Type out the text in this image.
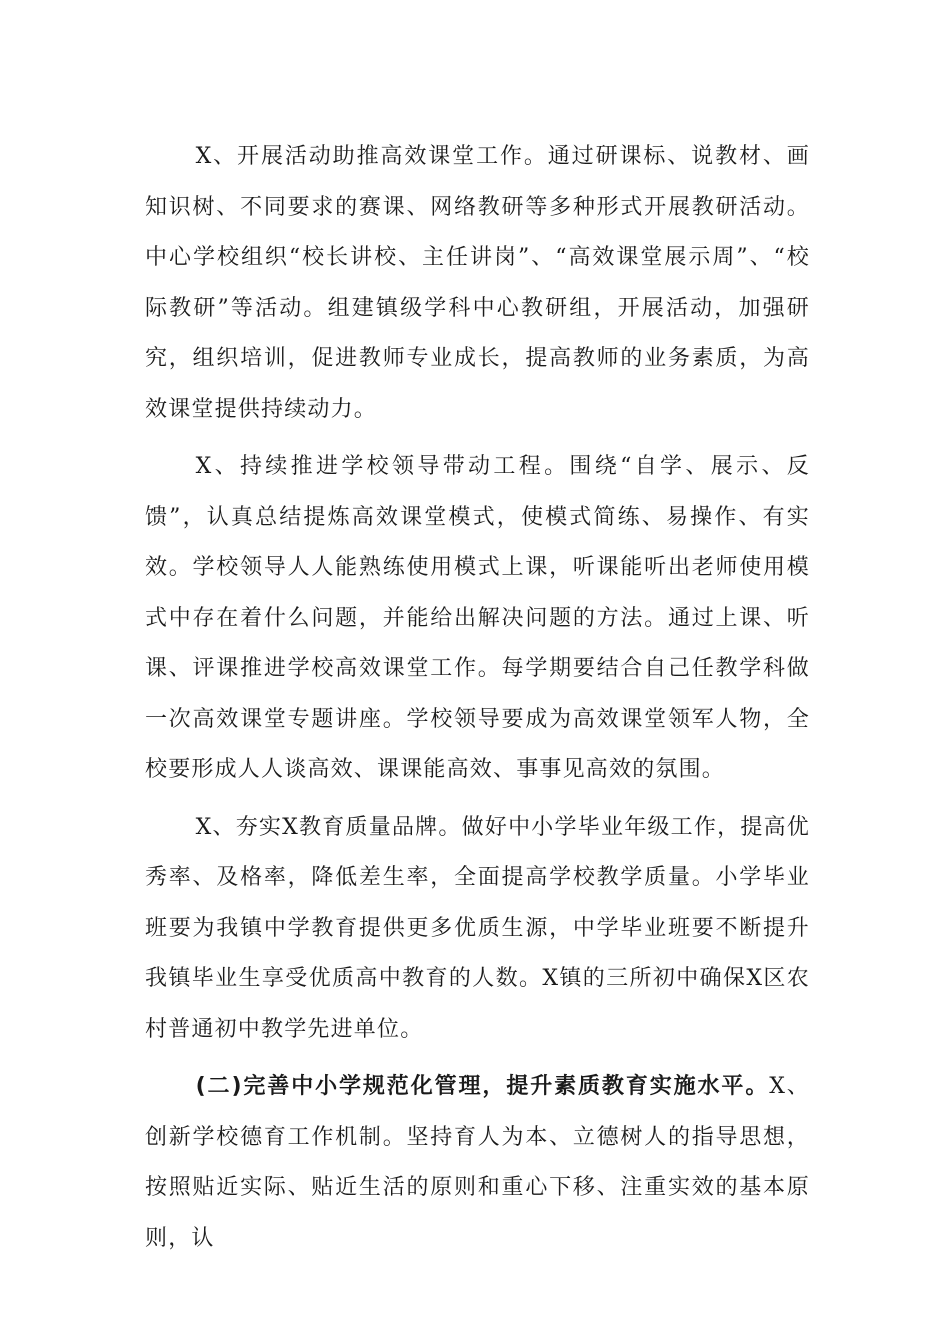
X、开展活动助推高效课堂工作。通过研课标、说教材、画知识树、不同要求的赛课、网络教研等多种形式开展教研活动。中心学校组织“校长讲校、主任讲岗”、“高效课堂展示周”、“校际教研”等活动。组建镇级学科中心教研组，开展活动，加强研究，组织培训，促进教师专业成长，提高教师的业务素质，为高效课堂提供持续动力。

X、持续推进学校领导带动工程。围绕“自学、展示、反馈”，认真总结提炼高效课堂模式，使模式简练、易操作、有实效。学校领导人人能熟练使用模式上课，听课能听出老师使用模式中存在着什么问题，并能给出解决问题的方法。通过上课、听课、评课推进学校高效课堂工作。每学期要结合自己任教学科做一次高效课堂专题讲座。学校领导要成为高效课堂领军人物，全校要形成人人谈高效、课课能高效、事事见高效的氛围。

X、夯实X教育质量品牌。做好中小学毕业年级工作，提高优秀率、及格率，降低差生率，全面提高学校教学质量。小学毕业班要为我镇中学教育提供更多优质生源，中学毕业班要不断提升我镇毕业生享受优质高中教育的人数。X镇的三所初中确保X区农村普通初中教学先进单位。

(二)完善中小学规范化管理，提升素质教育实施水平。X、创新学校德育工作机制。坚持育人为本、立德树人的指导思想，按照贴近实际、贴近生活的原则和重心下移、注重实效的基本原则，认
